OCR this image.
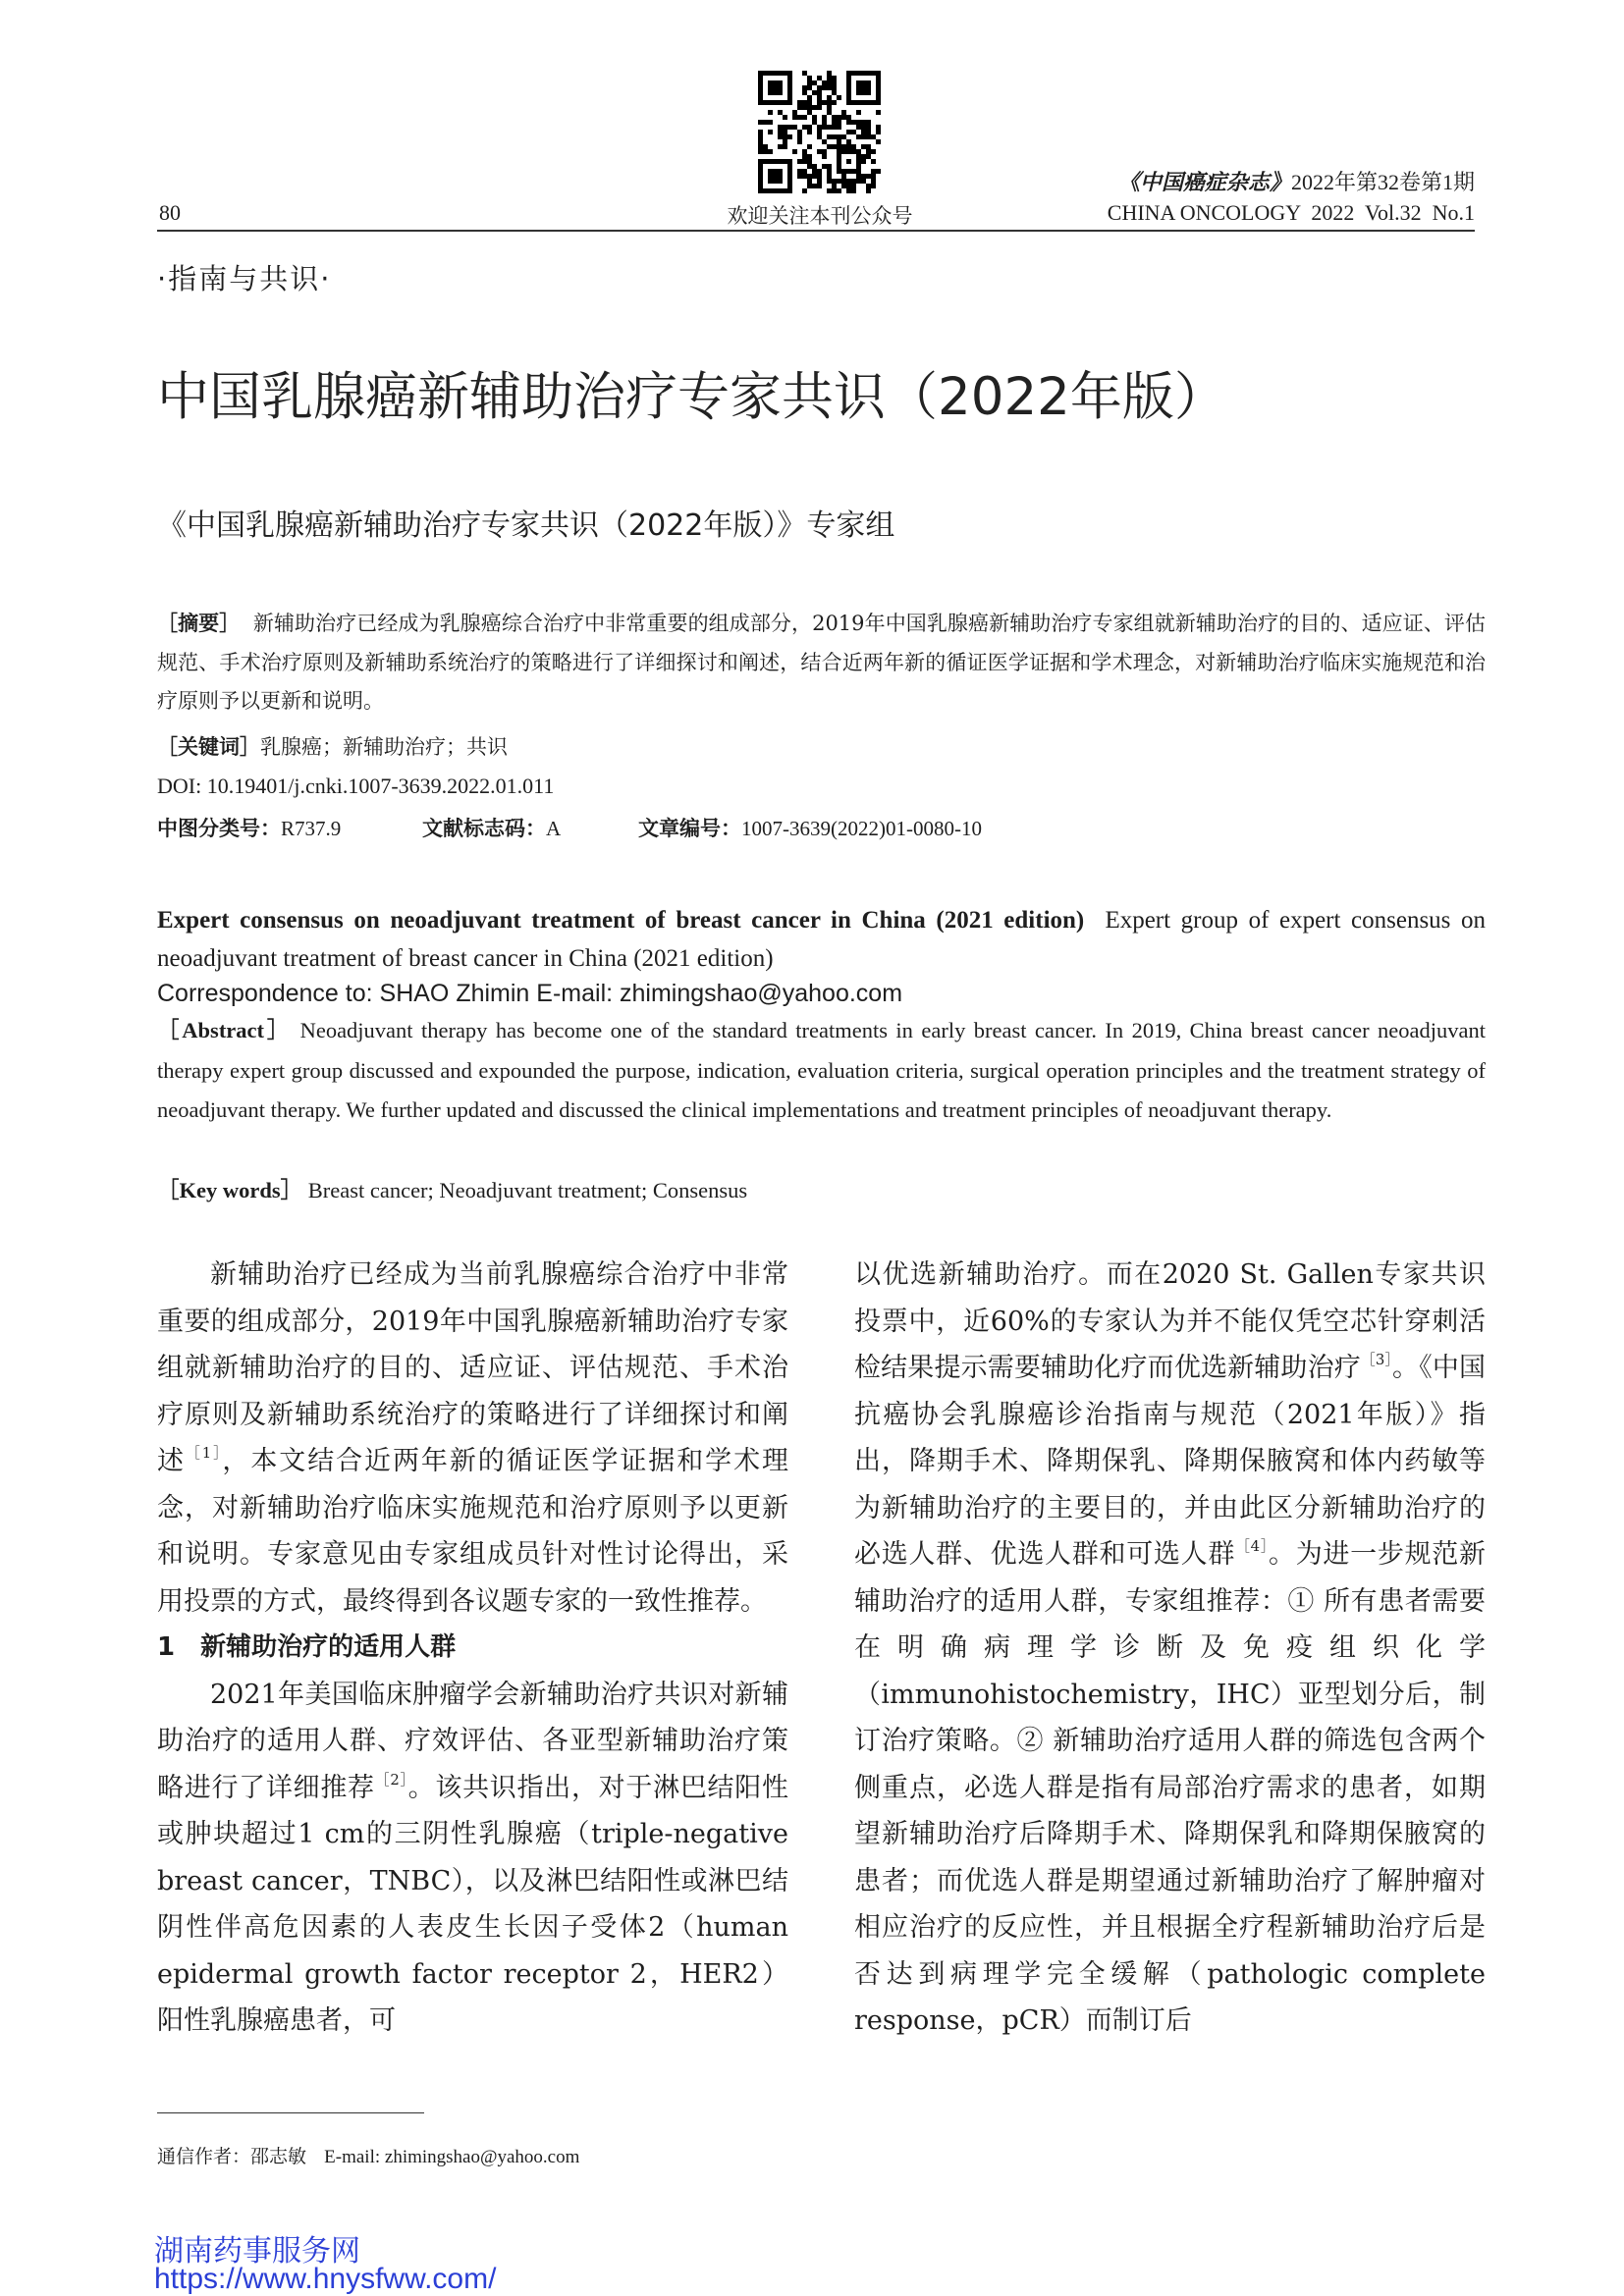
欢迎关注本刊公众号
80
《中国癌症杂志》2022年第32卷第1期
CHINA ONCOLOGY  2022  Vol.32  No.1
·指南与共识·
中国乳腺癌新辅助治疗专家共识（2022年版）
《中国乳腺癌新辅助治疗专家共识（2022年版）》专家组
［摘要］ 新辅助治疗已经成为乳腺癌综合治疗中非常重要的组成部分，2019年中国乳腺癌新辅助治疗专家组就新辅助治疗的目的、适应证、评估规范、手术治疗原则及新辅助系统治疗的策略进行了详细探讨和阐述，结合近两年新的循证医学证据和学术理念，对新辅助治疗临床实施规范和治疗原则予以更新和说明。
［关键词］乳腺癌；新辅助治疗；共识
DOI: 10.19401/j.cnki.1007-3639.2022.01.011
中图分类号：R737.9	文献标志码：A	文章编号：1007-3639(2022)01-0080-10
Expert consensus on neoadjuvant treatment of breast cancer in China (2021 edition) Expert group of expert consensus on neoadjuvant treatment of breast cancer in China (2021 edition)
Correspondence to: SHAO Zhimin E-mail: zhimingshao@yahoo.com
［Abstract］ Neoadjuvant therapy has become one of the standard treatments in early breast cancer. In 2019, China breast cancer neoadjuvant therapy expert group discussed and expounded the purpose, indication, evaluation criteria, surgical operation principles and the treatment strategy of neoadjuvant therapy. We further updated and discussed the clinical implementations and treatment principles of neoadjuvant therapy.
［Key words］ Breast cancer; Neoadjuvant treatment; Consensus

新辅助治疗已经成为当前乳腺癌综合治疗中非常重要的组成部分，2019年中国乳腺癌新辅助治疗专家组就新辅助治疗的目的、适应证、评估规范、手术治疗原则及新辅助系统治疗的策略进行了详细探讨和阐述$^{[1]}$，本文结合近两年新的循证医学证据和学术理念，对新辅助治疗临床实施规范和治疗原则予以更新和说明。专家意见由专家组成员针对性讨论得出，采用投票的方式，最终得到各议题专家的一致性推荐。

1　新辅助治疗的适用人群

2021年美国临床肿瘤学会新辅助治疗共识对新辅助治疗的适用人群、疗效评估、各亚型新辅助治疗策略进行了详细推荐$^{[2]}$。该共识指出，对于淋巴结阳性或肿块超过1 cm的三阴性乳腺癌（triple-negative breast cancer，TNBC），以及淋巴结阳性或淋巴结阴性伴高危因素的人表皮生长因子受体2（human epidermal growth factor receptor 2，HER2）阳性乳腺癌患者，可

以优选新辅助治疗。而在2020 St. Gallen专家共识投票中，近60%的专家认为并不能仅凭空芯针穿刺活检结果提示需要辅助化疗而优选新辅助治疗$^{[3]}$。《中国抗癌协会乳腺癌诊治指南与规范（2021年版）》指出，降期手术、降期保乳、降期保腋窝和体内药敏等为新辅助治疗的主要目的，并由此区分新辅助治疗的必选人群、优选人群和可选人群$^{[4]}$。为进一步规范新辅助治疗的适用人群，专家组推荐：① 所有患者需要在明确病理学诊断及免疫组织化学（immunohistochemistry，IHC）亚型划分后，制订治疗策略。② 新辅助治疗适用人群的筛选包含两个侧重点，必选人群是指有局部治疗需求的患者，如期望新辅助治疗后降期手术、降期保乳和降期保腋窝的患者；而优选人群是期望通过新辅助治疗了解肿瘤对相应治疗的反应性，并且根据全疗程新辅助治疗后是否达到病理学完全缓解（pathologic complete response，pCR）而制订后

通信作者：邵志敏 E-mail: zhimingshao@yahoo.com
湖南药事服务网
https://www.hnysfww.com/
